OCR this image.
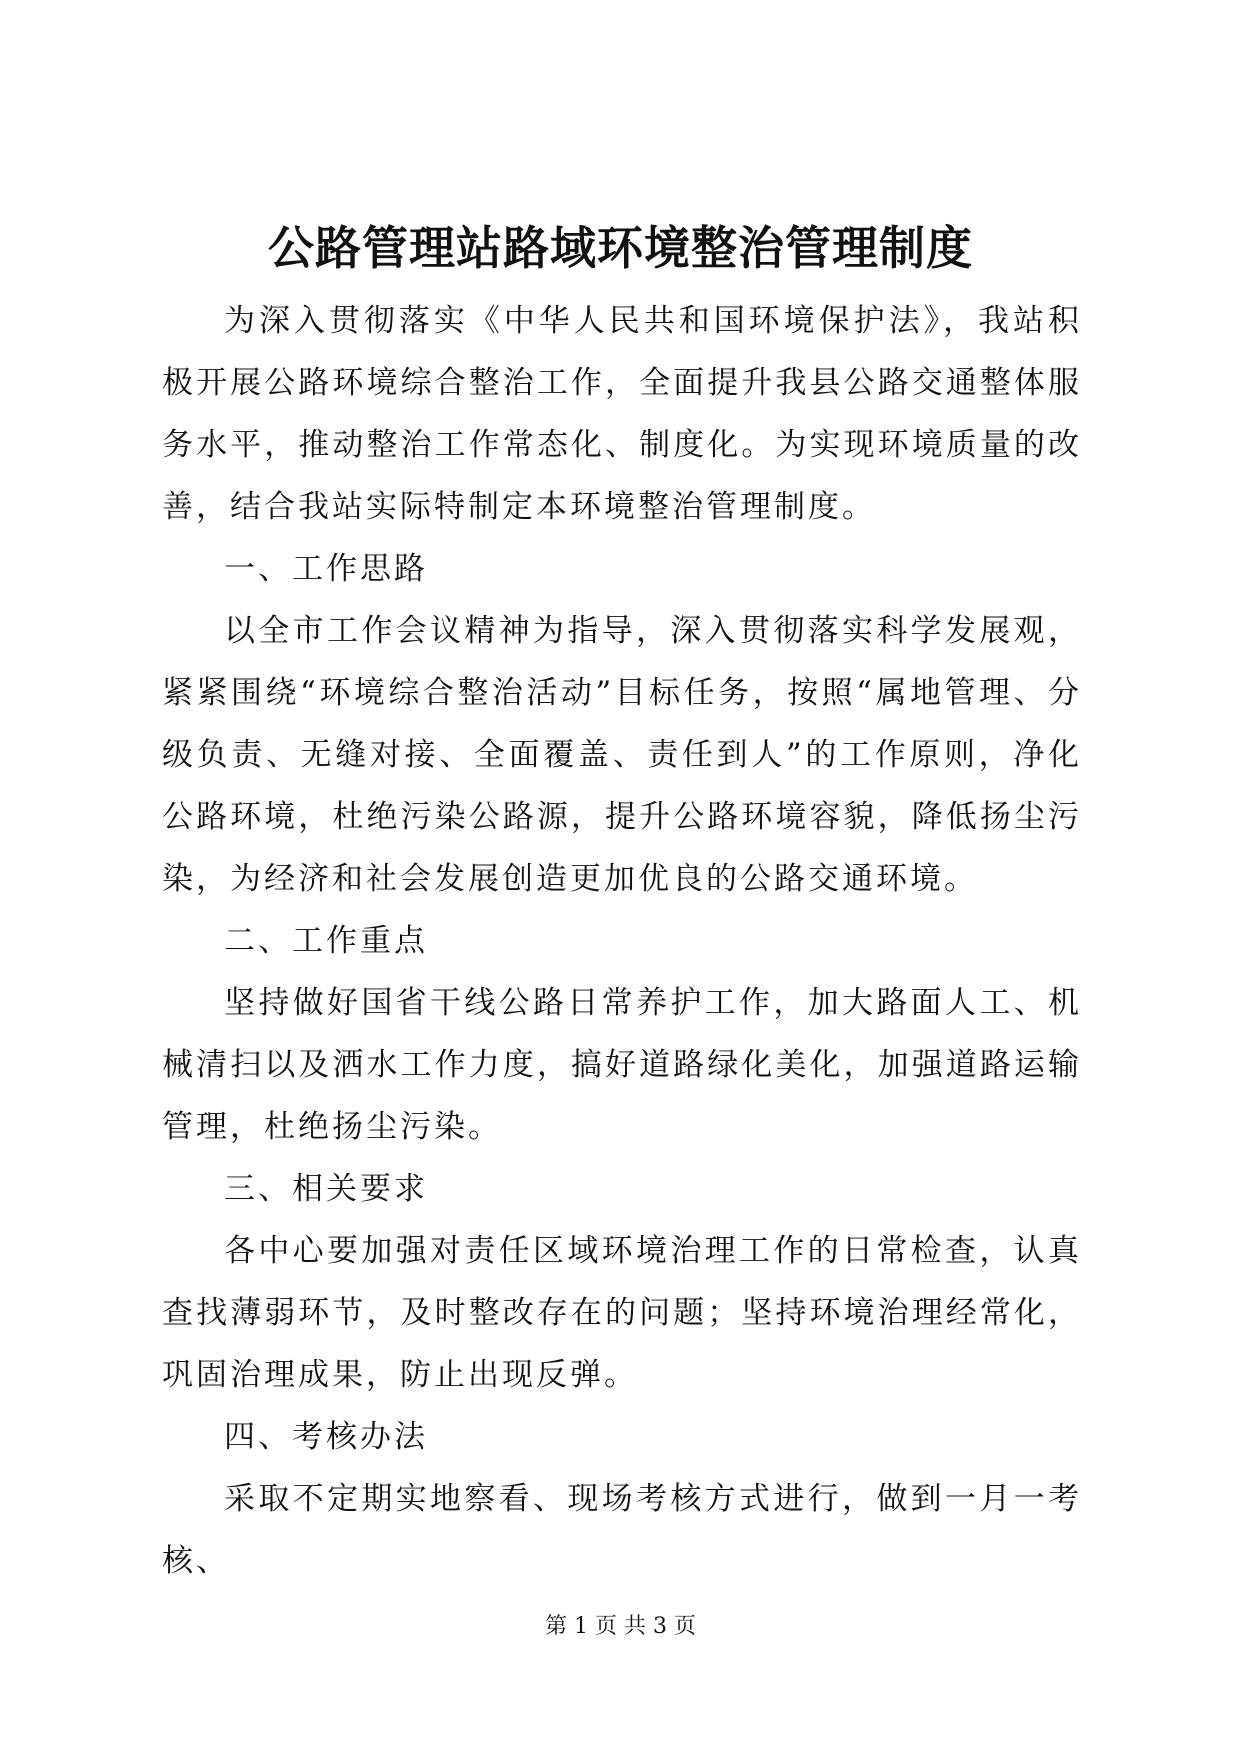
公路管理站路域环境整治管理制度

为深入贯彻落实《中华人民共和国环境保护法》，我站积极开展公路环境综合整治工作，全面提升我县公路交通整体服务水平，推动整治工作常态化、制度化。为实现环境质量的改善，结合我站实际特制定本环境整治管理制度。

一、工作思路

以全市工作会议精神为指导，深入贯彻落实科学发展观，紧紧围绕“环境综合整治活动”目标任务，按照“属地管理、分级负责、无缝对接、全面覆盖、责任到人”的工作原则，净化公路环境，杜绝污染公路源，提升公路环境容貌，降低扬尘污染，为经济和社会发展创造更加优良的公路交通环境。

二、工作重点

坚持做好国省干线公路日常养护工作，加大路面人工、机械清扫以及洒水工作力度，搞好道路绿化美化，加强道路运输管理，杜绝扬尘污染。

三、相关要求

各中心要加强对责任区域环境治理工作的日常检查，认真查找薄弱环节，及时整改存在的问题；坚持环境治理经常化，巩固治理成果，防止出现反弹。

四、考核办法

采取不定期实地察看、现场考核方式进行，做到一月一考核、

第 1 页 共 3 页
